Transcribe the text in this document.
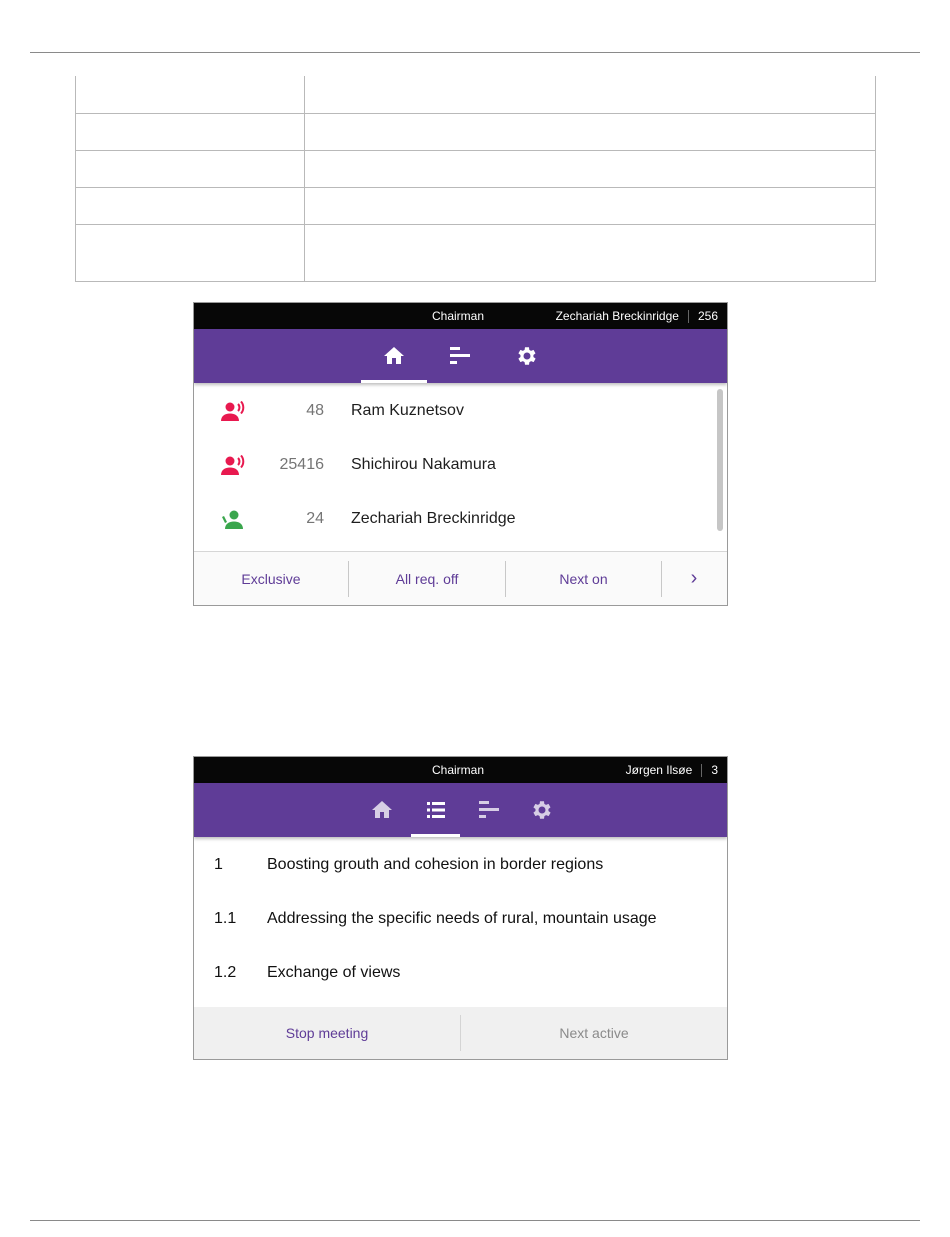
Chairman	Zechariah Breckinridge 256
48 Ram Kuznetsov
25416 Shichirou Nakamura
24 Zechariah Breckinridge
Exclusive	All req. off	Next on	›
Chairman	Jørgen Ilsøe 3
1	Boosting grouth and cohesion in border regions
1.1 Addressing the specific needs of rural, mountain usage
1.2 Exchange of views
Stop meeting	Next active
